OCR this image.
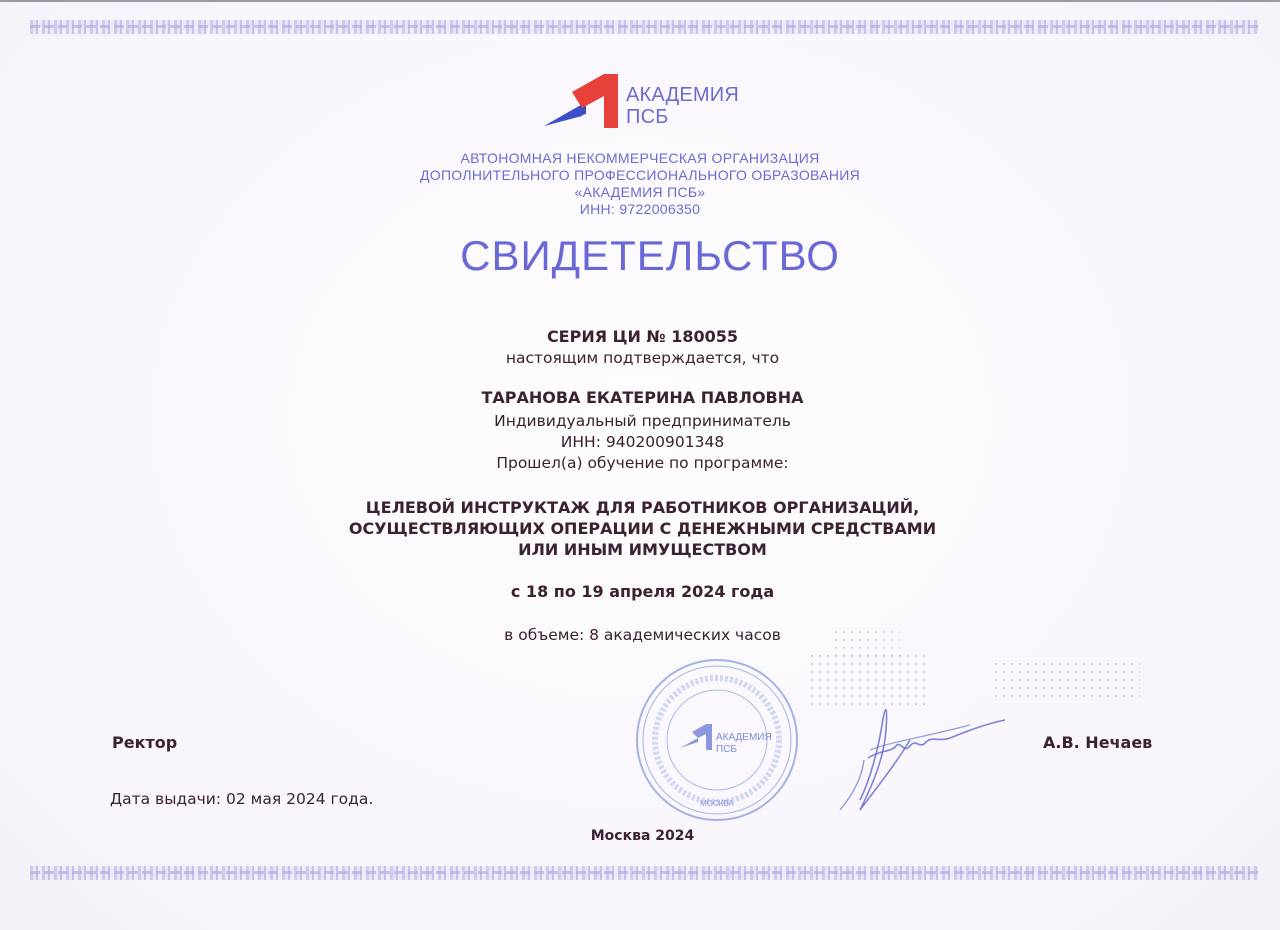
АКАДЕМИЯ
ПСБ
АВТОНОМНАЯ НЕКОММЕРЧЕСКАЯ ОРГАНИЗАЦИЯ
ДОПОЛНИТЕЛЬНОГО ПРОФЕССИОНАЛЬНОГО ОБРАЗОВАНИЯ
«АКАДЕМИЯ ПСБ»
ИНН: 9722006350
СВИДЕТЕЛЬСТВО
СЕРИЯ ЦИ № 180055
настоящим подтверждается, что
ТАРАНОВА ЕКАТЕРИНА ПАВЛОВНА
Индивидуальный предприниматель
ИНН: 940200901348
Прошел(а) обучение по программе:
ЦЕЛЕВОЙ ИНСТРУКТАЖ ДЛЯ РАБОТНИКОВ ОРГАНИЗАЦИЙ,
ОСУЩЕСТВЛЯЮЩИХ ОПЕРАЦИИ С ДЕНЕЖНЫМИ СРЕДСТВАМИ
ИЛИ ИНЫМ ИМУЩЕСТВОМ
с 18 по 19 апреля 2024 года
в объеме: 8 академических часов
АКАДЕМИЯ
ПСБ
МОСКВА
Ректор	А.В. Нечаев
Дата выдачи: 02 мая 2024 года.
Москва 2024
